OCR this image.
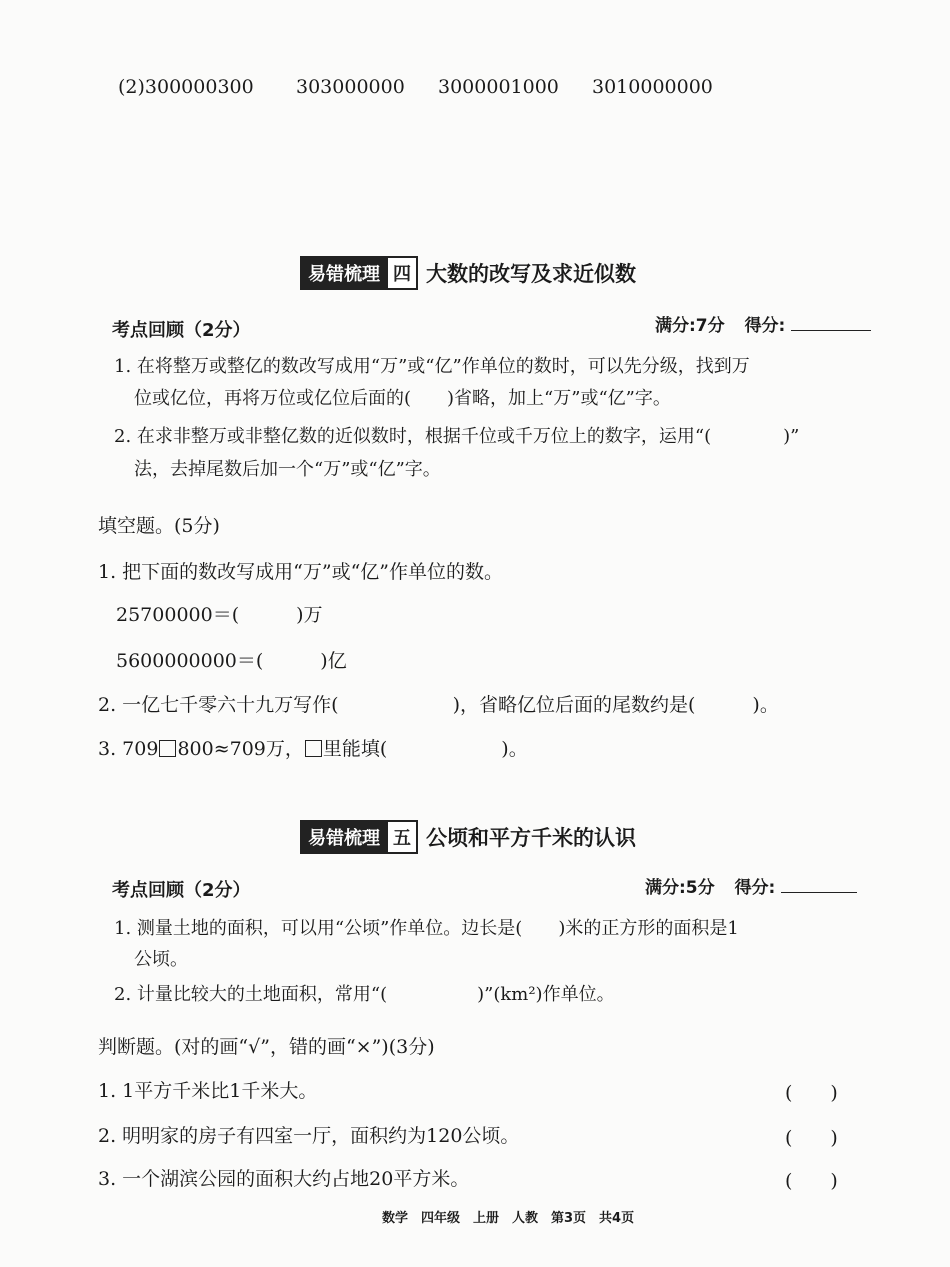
(2)300000300 303000000 3000001000 3010000000
易错梳理 四 大数的改写及求近似数
考点回顾（2分）	满分:7分 得分:
1. 在将整万或整亿的数改写成用“万”或“亿”作单位的数时，可以先分级，找到万
位或亿位，再将万位或亿位后面的(　　)省略，加上“万”或“亿”字。
2. 在求非整万或非整亿数的近似数时，根据千位或千万位上的数字，运用“(　　　　)”
法，去掉尾数后加一个“万”或“亿”字。
填空题。(5分)
1. 把下面的数改写成用“万”或“亿”作单位的数。
25700000＝(　　　)万
5600000000＝(　　　)亿
2. 一亿七千零六十九万写作(　　　　　　)，省略亿位后面的尾数约是(　　　)。
3. 709 800≈709万， 里能填(　　　　　　)。
易错梳理 五 公顷和平方千米的认识
考点回顾（2分）	满分:5分 得分:
1. 测量土地的面积，可以用“公顷”作单位。边长是(　　)米的正方形的面积是1
公顷。
2. 计量比较大的土地面积，常用“(　　　　　)”(km²)作单位。
判断题。(对的画“√”，错的画“×”)(3分)
1. 1平方千米比1千米大。	(　　)
2. 明明家的房子有四室一厅，面积约为120公顷。	(　　)
3. 一个湖滨公园的面积大约占地20平方米。	(　　)
数学　四年级　上册　人教　第3页　共4页
